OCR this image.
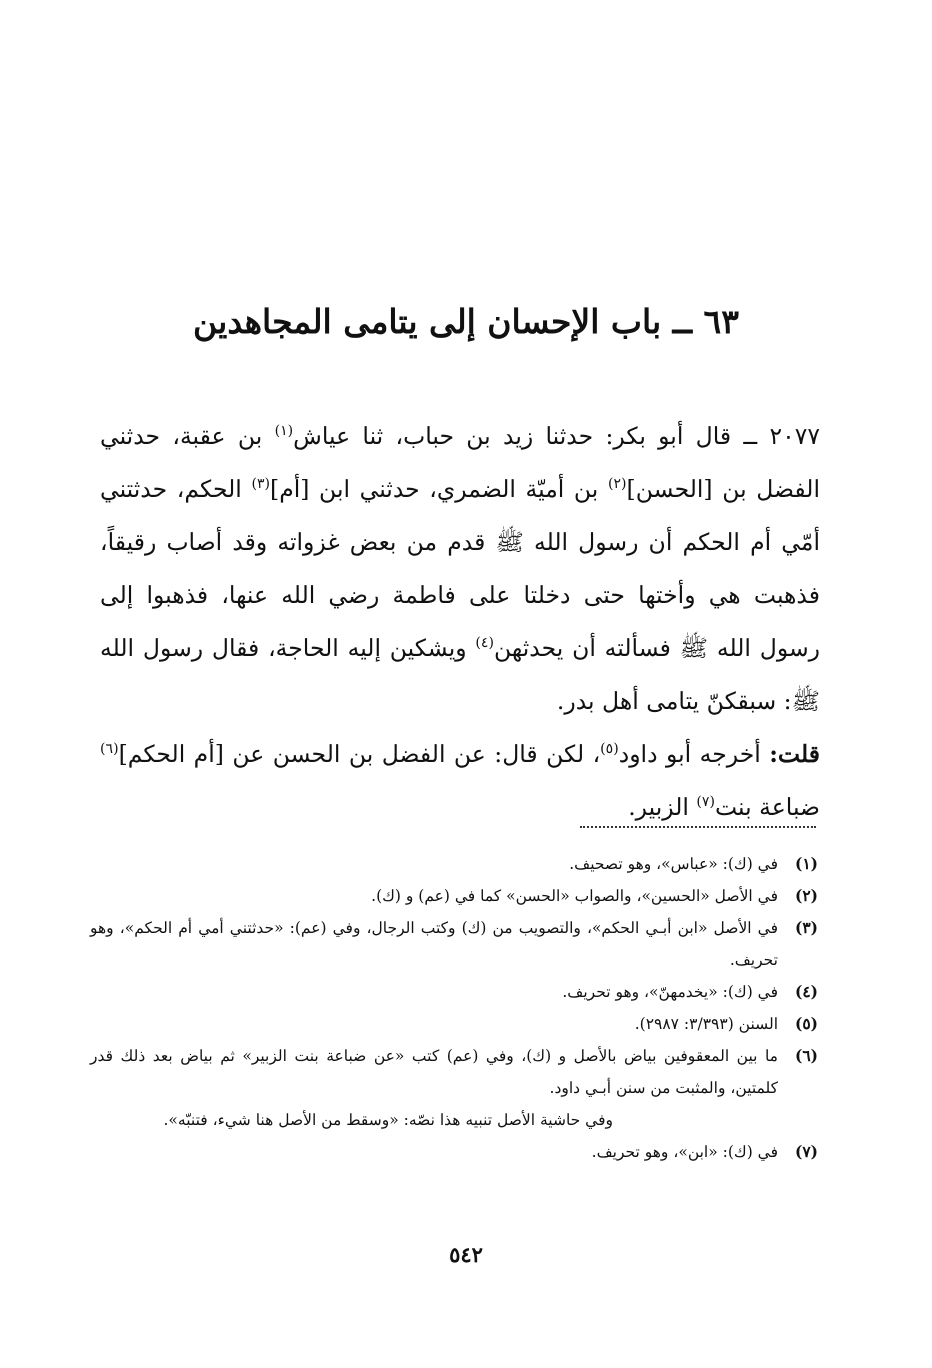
٦٣ ــ باب الإحسان إلى يتامى المجاهدين

٢٠٧٧ ــ قال أبو بكر: حدثنا زيد بن حباب، ثنا عياش$^{(١)}$ بن عقبة، حدثني الفضل بن [الحسن]$^{(٢)}$ بن أميّة الضمري، حدثني ابن [أم]$^{(٣)}$ الحكم، حدثتني أمّي أم الحكم أن رسول الله ﷺ قدم من بعض غزواته وقد أصاب رقيقاً، فذهبت هي وأختها حتى دخلتا على فاطمة رضي الله عنها، فذهبوا إلى رسول الله ﷺ فسألته أن يحدثهن$^{(٤)}$ ويشكين إليه الحاجة، فقال رسول الله ﷺ: سبقكنّ يتامى أهل بدر.

قلت: أخرجه أبو داود$^{(٥)}$، لكن قال: عن الفضل بن الحسن عن [أم الحكم]$^{(٦)}$ ضباعة بنت$^{(٧)}$ الزبير.

(١)
في (ك): «عباس»، وهو تصحيف.
(٢)
في الأصل «الحسين»، والصواب «الحسن» كما في (عم) و (ك).
(٣)
في الأصل «ابن أبـي الحكم»، والتصويب من (ك) وكتب الرجال، وفي (عم): «حدثتني أمي أم الحكم»، وهو تحريف.
(٤)
في (ك): «يخدمهنّ»، وهو تحريف.
(٥)
السنن (٣/٣٩٣: ٢٩٨٧).
(٦)
ما بين المعقوفين بياض بالأصل و (ك)، وفي (عم) كتب «عن ضباعة بنت الزبير» ثم بياض بعد ذلك قدر كلمتين، والمثبت من سنن أبـي داود.
وفي حاشية الأصل تنبيه هذا نصّه: «وسقط من الأصل هنا شيء، فتنبّه».
(٧)
في (ك): «ابن»، وهو تحريف.
٥٤٢
